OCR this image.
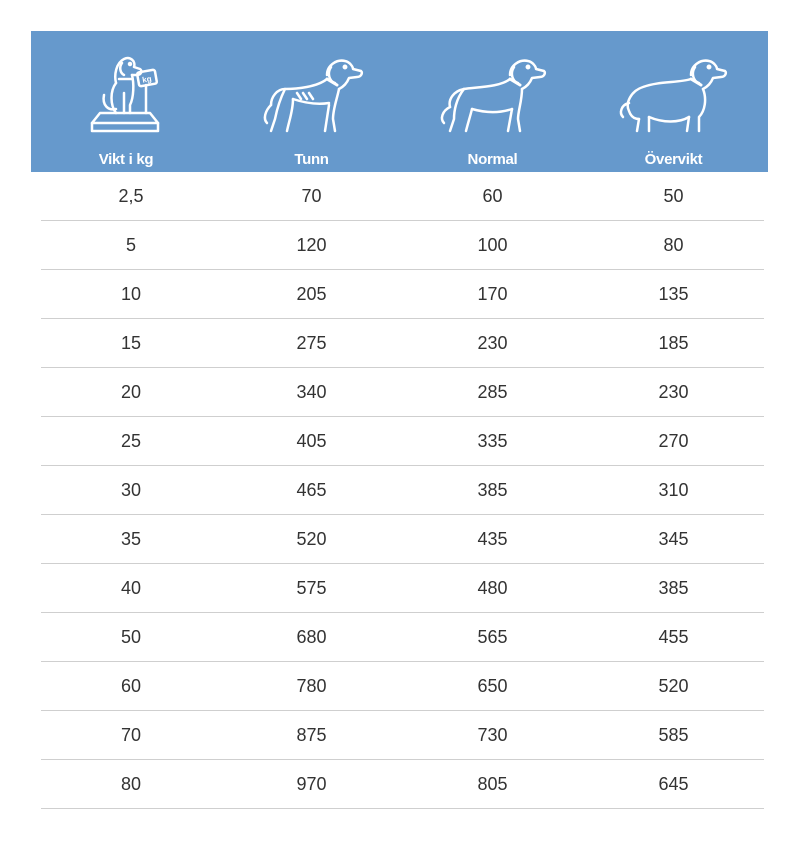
kg
Vikt i kg	Tunn	Normal	Övervikt
2,5	70	60	50
5	120	100	80
10	205	170	135
15	275	230	185
20	340	285	230
25	405	335	270
30	465	385	310
35	520	435	345
40	575	480	385
50	680	565	455
60	780	650	520
70	875	730	585
80	970	805	645
